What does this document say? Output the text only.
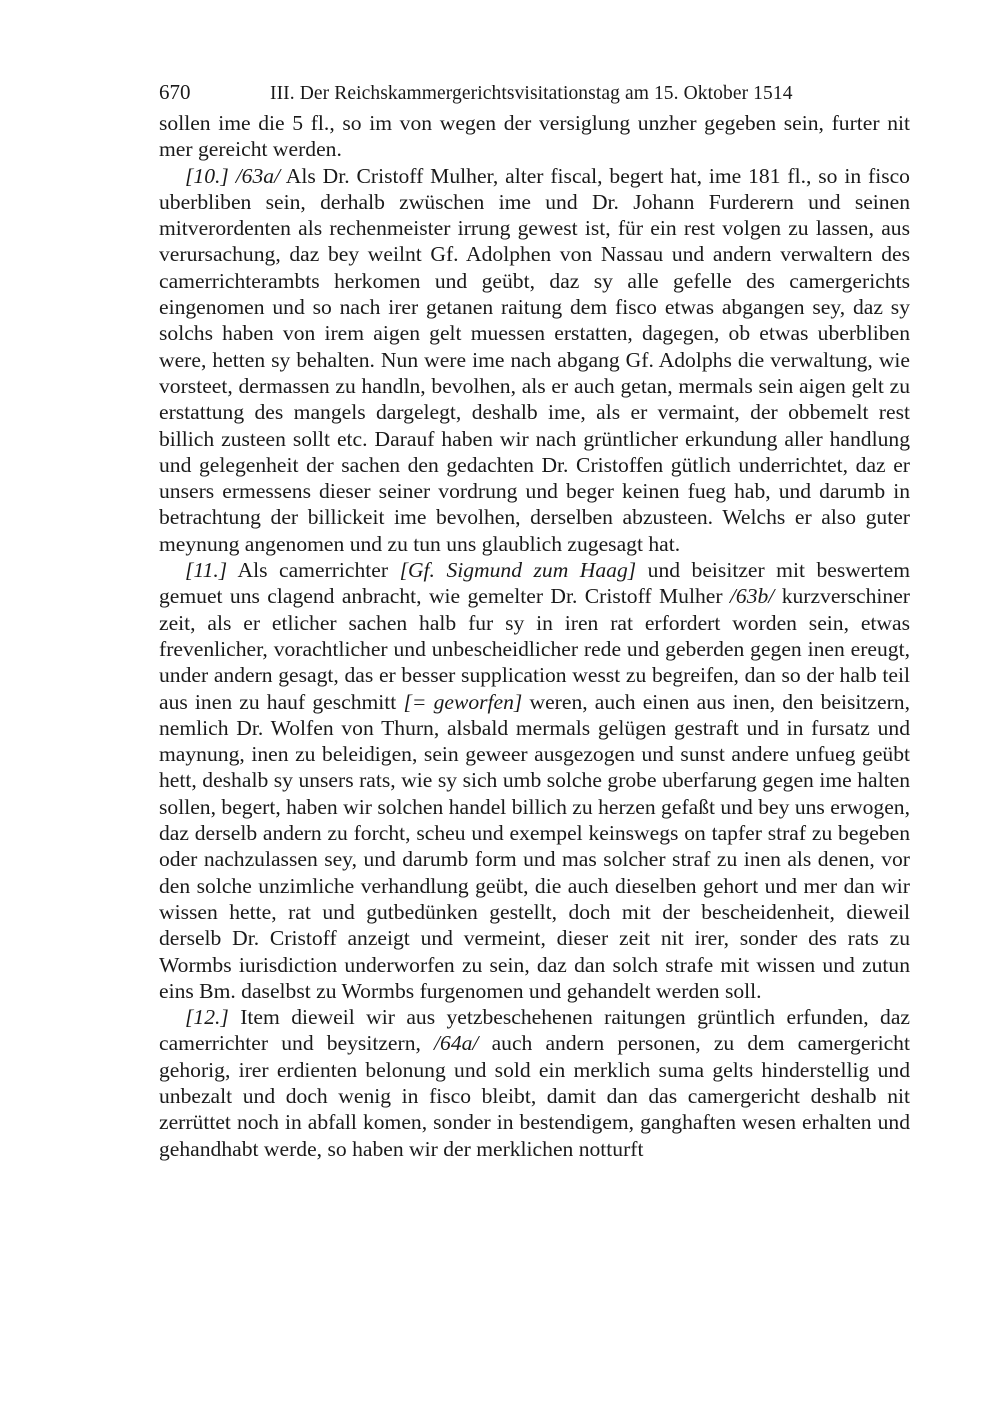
670	III. Der Reichskammergerichtsvisitationstag am 15. Oktober 1514

sollen ime die 5 fl., so im von wegen der versiglung unzher gegeben sein, furter nit mer gereicht werden.

[10.] /63a/ Als Dr. Cristoff Mulher, alter fiscal, begert hat, ime 181 fl., so in fisco uberbliben sein, derhalb zwüschen ime und Dr. Johann Furderern und seinen mitverordenten als rechenmeister irrung gewest ist, für ein rest volgen zu lassen, aus verursachung, daz bey weilnt Gf. Adolphen von Nassau und andern verwaltern des camerrichterambts herkomen und geübt, daz sy alle gefelle des camergerichts eingenomen und so nach irer getanen raitung dem fisco etwas abgangen sey, daz sy solchs haben von irem aigen gelt muessen erstatten, dagegen, ob etwas uberbliben were, hetten sy behalten. Nun were ime nach abgang Gf. Adolphs die verwaltung, wie vorsteet, dermassen zu handln, bevolhen, als er auch getan, mermals sein aigen gelt zu erstattung des mangels dargelegt, deshalb ime, als er vermaint, der obbemelt rest billich zusteen sollt etc. Darauf haben wir nach grüntlicher erkundung aller handlung und gelegenheit der sachen den gedachten Dr. Cristoffen gütlich underrichtet, daz er unsers ermessens dieser seiner vordrung und beger keinen fueg hab, und darumb in betrachtung der billickeit ime bevolhen, derselben abzusteen. Welchs er also guter meynung angenomen und zu tun uns glaublich zugesagt hat.

[11.] Als camerrichter [Gf. Sigmund zum Haag] und beisitzer mit beswertem gemuet uns clagend anbracht, wie gemelter Dr. Cristoff Mulher /63b/ kurzverschiner zeit, als er etlicher sachen halb fur sy in iren rat erfordert worden sein, etwas frevenlicher, vorachtlicher und unbescheidlicher rede und geberden gegen inen ereugt, under andern gesagt, das er besser supplication wesst zu begreifen, dan so der halb teil aus inen zu hauf geschmitt [= geworfen] weren, auch einen aus inen, den beisitzern, nemlich Dr. Wolfen von Thurn, alsbald mermals gelügen gestraft und in fursatz und maynung, inen zu beleidigen, sein geweer ausgezogen und sunst andere unfueg geübt hett, deshalb sy unsers rats, wie sy sich umb solche grobe uberfarung gegen ime halten sollen, begert, haben wir solchen handel billich zu herzen gefaßt und bey uns erwogen, daz derselb andern zu forcht, scheu und exempel keinswegs on tapfer straf zu begeben oder nachzulassen sey, und darumb form und mas solcher straf zu inen als denen, vor den solche unzimliche verhandlung geübt, die auch dieselben gehort und mer dan wir wissen hette, rat und gutbedünken gestellt, doch mit der bescheidenheit, dieweil derselb Dr. Cristoff anzeigt und vermeint, dieser zeit nit irer, sonder des rats zu Wormbs iurisdiction underworfen zu sein, daz dan solch strafe mit wissen und zutun eins Bm. daselbst zu Wormbs furgenomen und gehandelt werden soll.

[12.] Item dieweil wir aus yetzbeschehenen raitungen grüntlich erfunden, daz camerrichter und beysitzern, /64a/ auch andern personen, zu dem camergericht gehorig, irer erdienten belonung und sold ein merklich suma gelts hinderstellig und unbezalt und doch wenig in fisco bleibt, damit dan das camergericht deshalb nit zerrüttet noch in abfall komen, sonder in bestendigem, ganghaften wesen erhalten und gehandhabt werde, so haben wir der merklichen notturft
